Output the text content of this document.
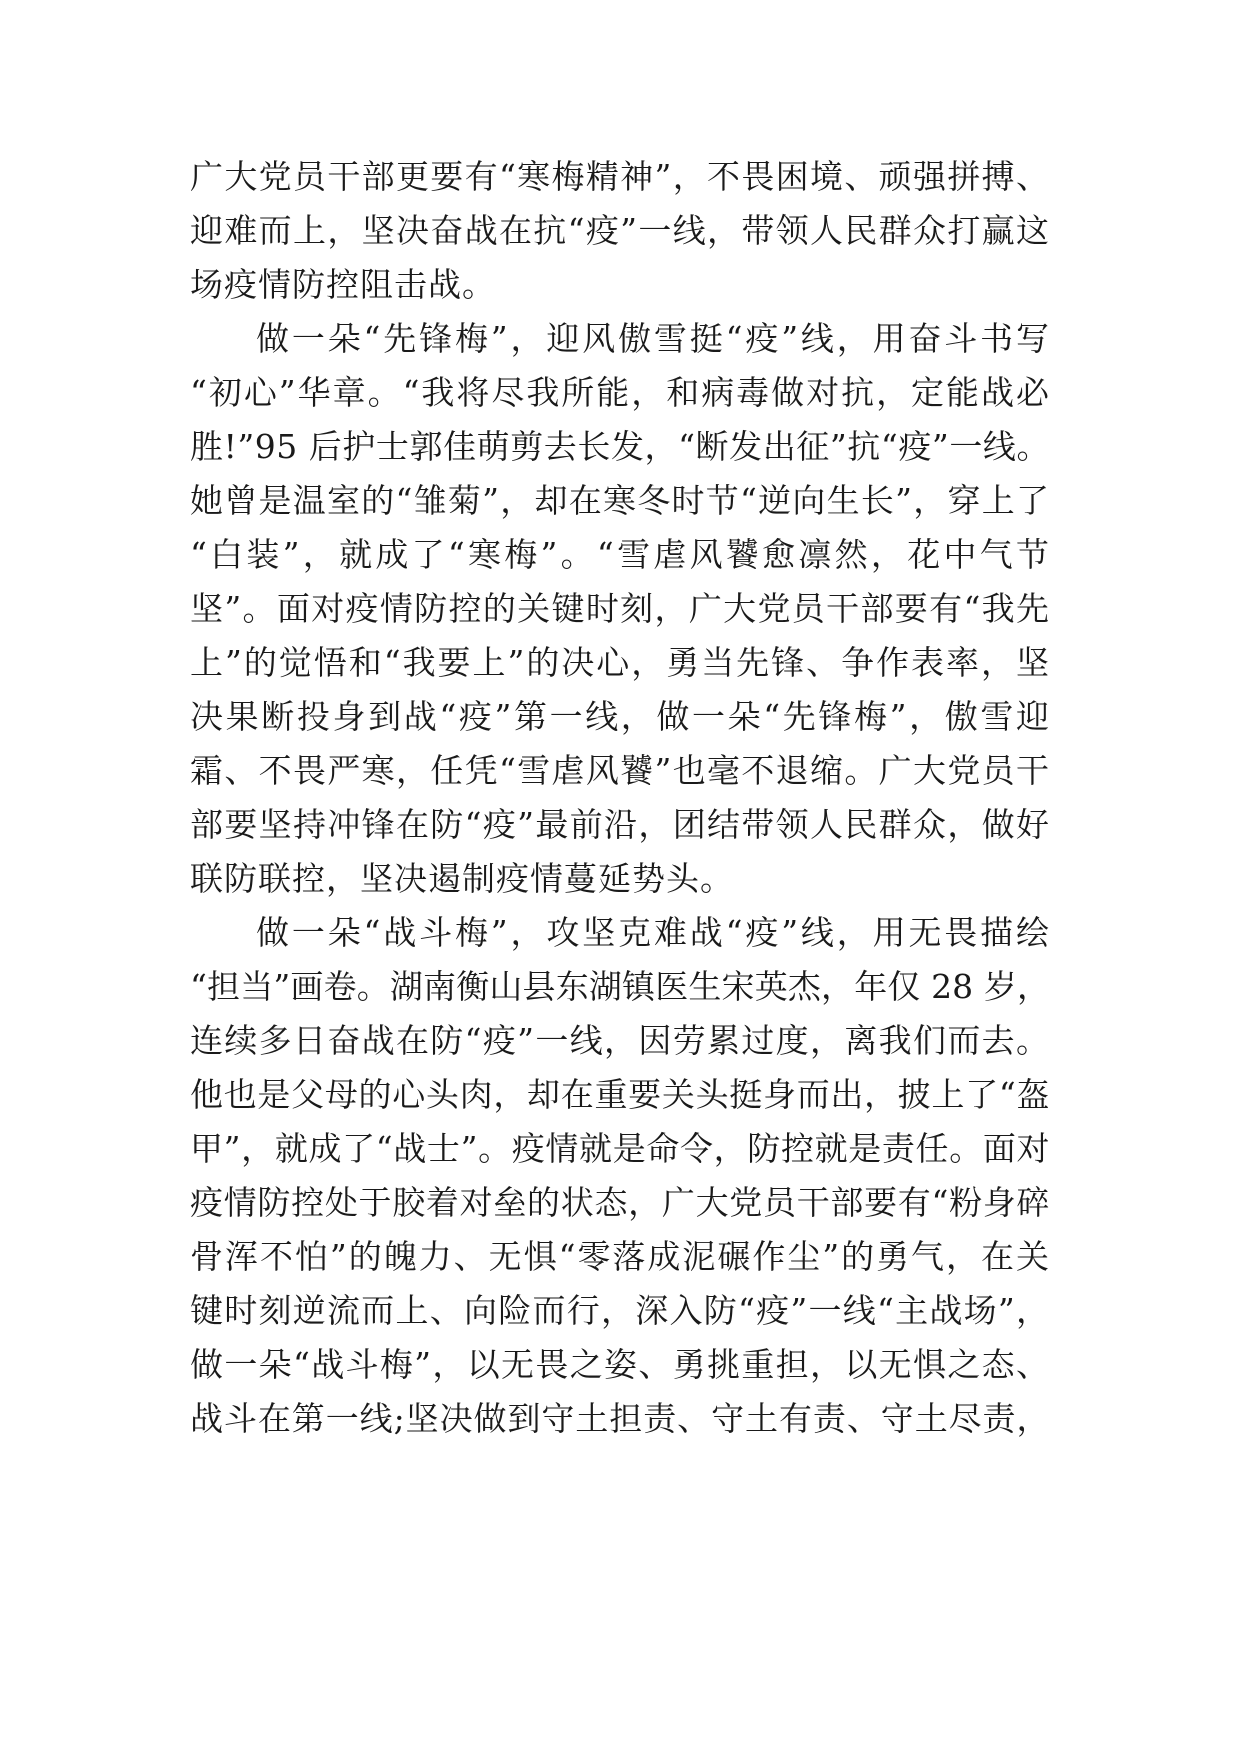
广大党员干部更要有“寒梅精神”，不畏困境、顽强拼搏、
迎难而上，坚决奋战在抗“疫”一线，带领人民群众打赢这
场疫情防控阻击战。
做一朵“先锋梅”，迎风傲雪挺“疫”线，用奋斗书写
“初心”华章。“我将尽我所能，和病毒做对抗，定能战必
胜!”95 后护士郭佳萌剪去长发，“断发出征”抗“疫”一线。
她曾是温室的“雏菊”，却在寒冬时节“逆向生长”，穿上了
“白装”，就成了“寒梅”。“雪虐风饕愈凛然，花中气节
坚”。面对疫情防控的关键时刻，广大党员干部要有“我先
上”的觉悟和“我要上”的决心，勇当先锋、争作表率，坚
决果断投身到战“疫”第一线，做一朵“先锋梅”，傲雪迎
霜、不畏严寒，任凭“雪虐风饕”也毫不退缩。广大党员干
部要坚持冲锋在防“疫”最前沿，团结带领人民群众，做好
联防联控，坚决遏制疫情蔓延势头。
做一朵“战斗梅”，攻坚克难战“疫”线，用无畏描绘
“担当”画卷。湖南衡山县东湖镇医生宋英杰，年仅 28 岁，
连续多日奋战在防“疫”一线，因劳累过度，离我们而去。
他也是父母的心头肉，却在重要关头挺身而出，披上了“盔
甲”，就成了“战士”。疫情就是命令，防控就是责任。面对
疫情防控处于胶着对垒的状态，广大党员干部要有“粉身碎
骨浑不怕”的魄力、无惧“零落成泥碾作尘”的勇气，在关
键时刻逆流而上、向险而行，深入防“疫”一线“主战场”，
做一朵“战斗梅”，以无畏之姿、勇挑重担，以无惧之态、
战斗在第一线;坚决做到守土担责、守土有责、守土尽责，
